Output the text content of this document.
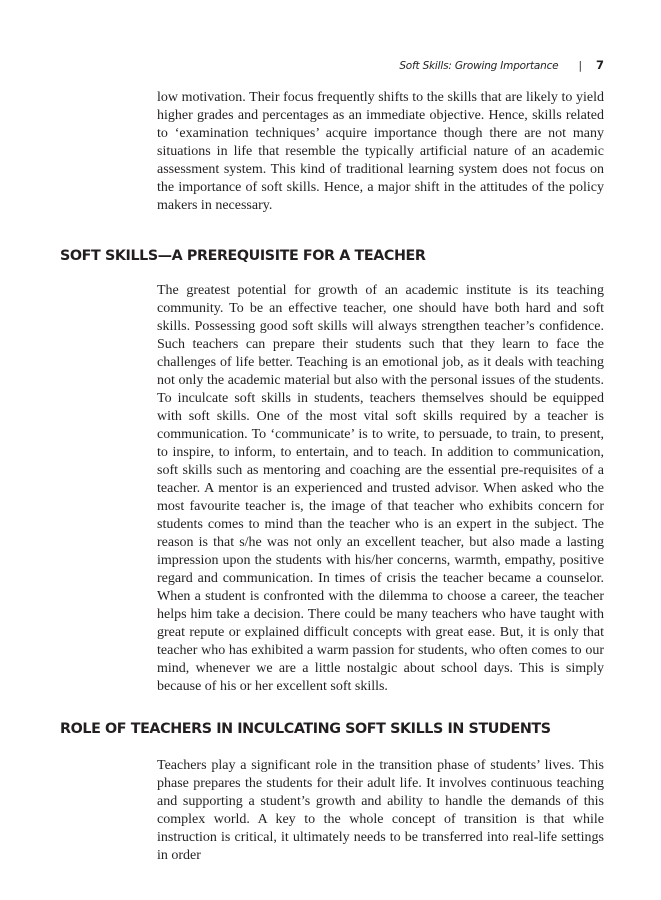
Soft Skills: Growing Importance | 7

low motivation. Their focus frequently shifts to the skills that are likely to yield higher grades and percentages as an immediate objective. Hence, skills related to ‘examination techniques’ acquire importance though there are not many situations in life that resemble the typically artificial nature of an academic assessment system. This kind of traditional learning system does not focus on the importance of soft skills. Hence, a major shift in the attitudes of the policy makers in necessary.

SOFT SKILLS—A PREREQUISITE FOR A TEACHER

The greatest potential for growth of an academic institute is its teaching community. To be an effective teacher, one should have both hard and soft skills. Possessing good soft skills will always strengthen teacher’s confidence. Such teachers can prepare their students such that they learn to face the challenges of life better. Teaching is an emotional job, as it deals with teaching not only the academic material but also with the personal issues of the students. To inculcate soft skills in students, teachers themselves should be equipped with soft skills. One of the most vital soft skills required by a teacher is communication. To ‘communicate’ is to write, to persuade, to train, to present, to inspire, to inform, to entertain, and to teach. In addition to communication, soft skills such as mentoring and coaching are the essential pre-requisites of a teacher. A mentor is an experienced and trusted advisor. When asked who the most favourite teacher is, the image of that teacher who exhibits concern for students comes to mind than the teacher who is an expert in the subject. The reason is that s/he was not only an excellent teacher, but also made a lasting impression upon the students with his/her concerns, warmth, empathy, positive regard and communication. In times of crisis the teacher became a counselor. When a student is confronted with the dilemma to choose a career, the teacher helps him take a decision. There could be many teachers who have taught with great repute or explained difficult concepts with great ease. But, it is only that teacher who has exhibited a warm passion for students, who often comes to our mind, whenever we are a little nostalgic about school days. This is simply because of his or her excellent soft skills.

ROLE OF TEACHERS IN INCULCATING SOFT SKILLS IN STUDENTS

Teachers play a significant role in the transition phase of students’ lives. This phase prepares the students for their adult life. It involves continuous teaching and supporting a student’s growth and ability to handle the demands of this complex world. A key to the whole concept of transition is that while instruction is critical, it ultimately needs to be transferred into real-life settings in order
